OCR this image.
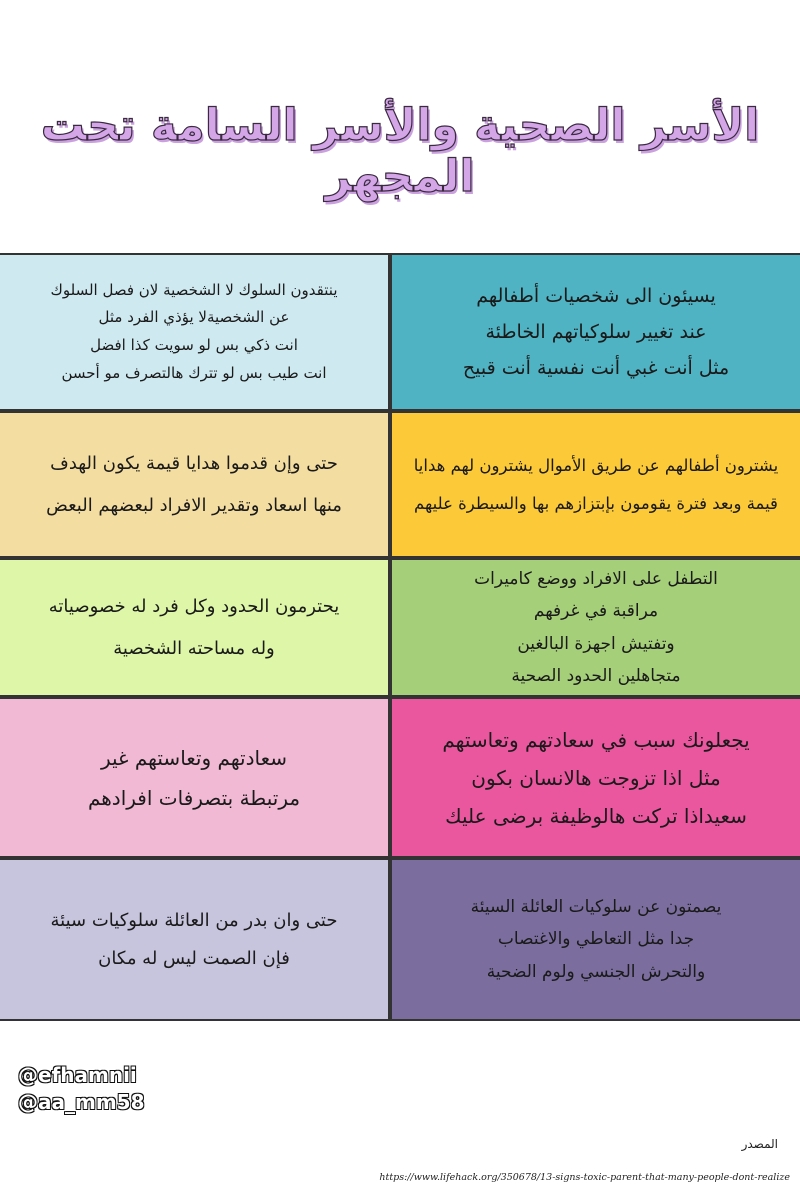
الأسر الصحية والأسر السامة تحت المجهر
يسيئون الى شخصيات أطفالهم
عند تغيير سلوكياتهم الخاطئة
مثل أنت غبي أنت نفسية أنت قبيح
ينتقدون السلوك لا الشخصية لان فصل السلوك
عن الشخصيةلا يؤذي الفرد مثل
انت ذكي بس لو سويت كذا افضل
انت طيب بس لو تترك هالتصرف مو أحسن
يشترون أطفالهم عن طريق الأموال يشترون لهم هدايا
قيمة وبعد فترة يقومون بإبتزازهم بها والسيطرة عليهم
حتى وإن قدموا هدايا قيمة يكون الهدف
منها اسعاد وتقدير الافراد لبعضهم البعض
التطفل على الافراد ووضع كاميرات
مراقبة في غرفهم
وتفتيش اجهزة البالغين
متجاهلين الحدود الصحية
يحترمون الحدود وكل فرد له خصوصياته
وله مساحته الشخصية
يجعلونك سبب في سعادتهم وتعاستهم
مثل اذا تزوجت هالانسان بكون
سعيداذا تركت هالوظيفة برضى عليك
سعادتهم وتعاستهم غير
مرتبطة بتصرفات افرادهم
يصمتون عن سلوكيات العائلة السيئة
جدا مثل التعاطي والاغتصاب
والتحرش الجنسي ولوم الضحية
حتى وان بدر من العائلة سلوكيات سيئة
فإن الصمت ليس له مكان
@efhamnii
@aa_mm58
المصدر
https://www.lifehack.org/350678/13-signs-toxic-parent-that-many-people-dont-realize
